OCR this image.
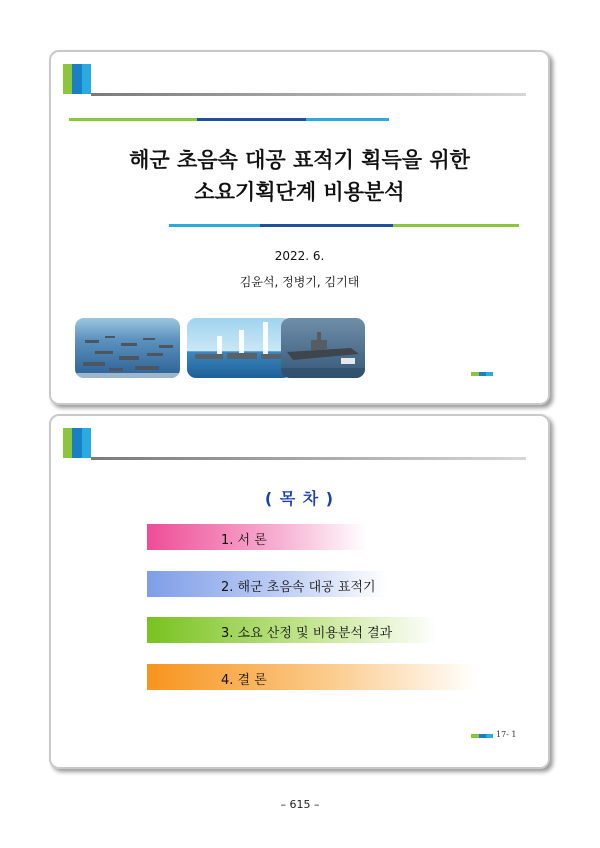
해군 초음속 대공 표적기 획득을 위한
소요기획단계 비용분석
2022. 6.
김윤석, 정병기, 김기태
( 목 차 )
1. 서 론
2. 해군 초음속 대공 표적기
3. 소요 산정 및 비용분석 결과
4. 결 론
17- 1
– 615 –
